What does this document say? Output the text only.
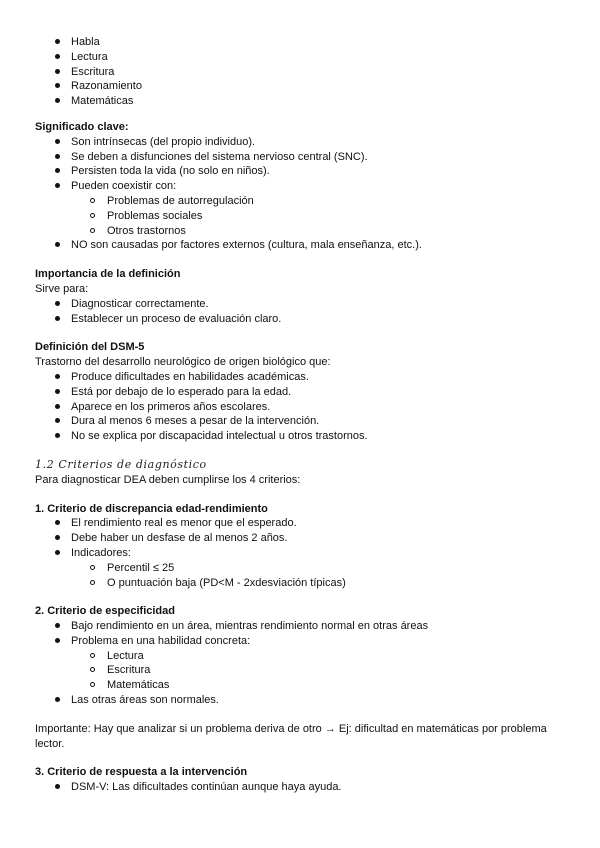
Habla
Lectura
Escritura
Razonamiento
Matemáticas

Significado clave:

Son intrínsecas (del propio individuo).
Se deben a disfunciones del sistema nervioso central (SNC).
Persisten toda la vida (no solo en niños).
Pueden coexistir con:
Problemas de autorregulación
Problemas sociales
Otros trastornos
NO son causadas por factores externos (cultura, mala enseñanza, etc.).

Importancia de la definición

Sirve para:

Diagnosticar correctamente.
Establecer un proceso de evaluación claro.

Definición del DSM-5

Trastorno del desarrollo neurológico de origen biológico que:

Produce dificultades en habilidades académicas.
Está por debajo de lo esperado para la edad.
Aparece en los primeros años escolares.
Dura al menos 6 meses a pesar de la intervención.
No se explica por discapacidad intelectual u otros trastornos.

1.2 Criterios de diagnóstico

Para diagnosticar DEA deben cumplirse los 4 criterios:

1. Criterio de discrepancia edad-rendimiento

El rendimiento real es menor que el esperado.
Debe haber un desfase de al menos 2 años.
Indicadores:
Percentil ≤ 25
O puntuación baja (PD<M - 2xdesviación típicas)

2. Criterio de especificidad

Bajo rendimiento en un área, mientras rendimiento normal en otras áreas
Problema en una habilidad concreta:
Lectura
Escritura
Matemáticas
Las otras áreas son normales.

Importante: Hay que analizar si un problema deriva de otro → Ej: dificultad en matemáticas por problema lector.

3. Criterio de respuesta a la intervención

DSM-V: Las dificultades continúan aunque haya ayuda.
